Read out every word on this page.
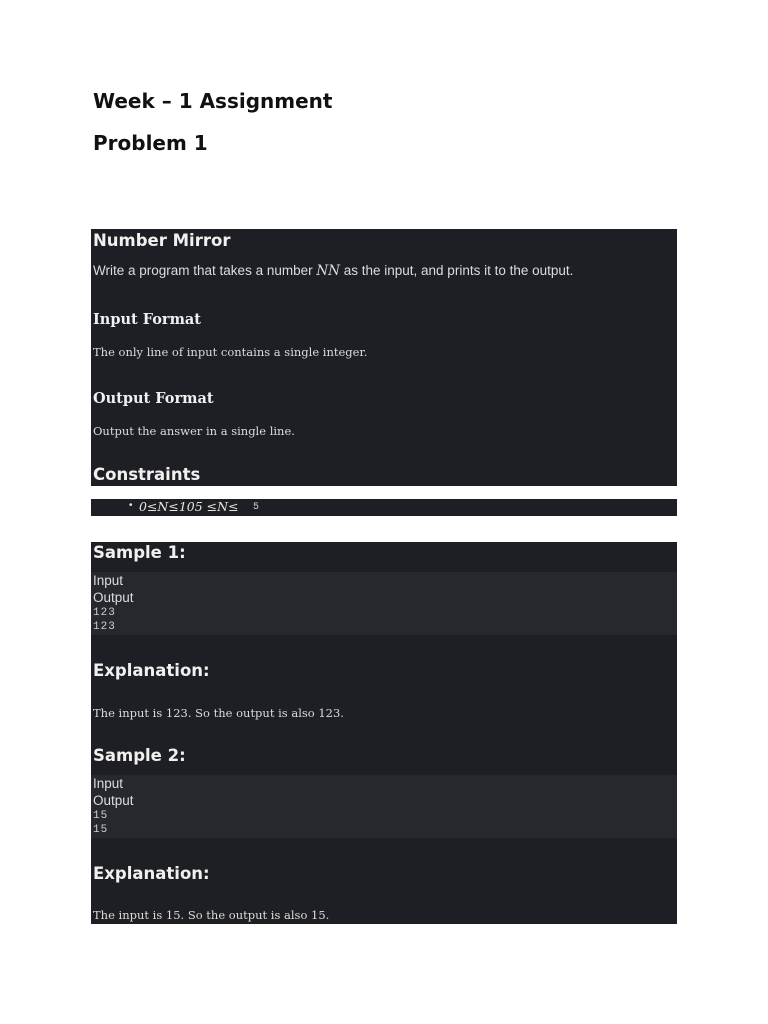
Week – 1 Assignment
Problem 1
Number Mirror
Write a program that takes a number NN as the input, and prints it to the output.
Input Format
The only line of input contains a single integer.
Output Format
Output the answer in a single line.
Constraints
• 0≤N≤105 ≤N≤ 5
Sample 1:
Input
Output
123
123
Explanation:
The input is 123. So the output is also 123.
Sample 2:
Input
Output
15
15
Explanation:
The input is 15. So the output is also 15.
